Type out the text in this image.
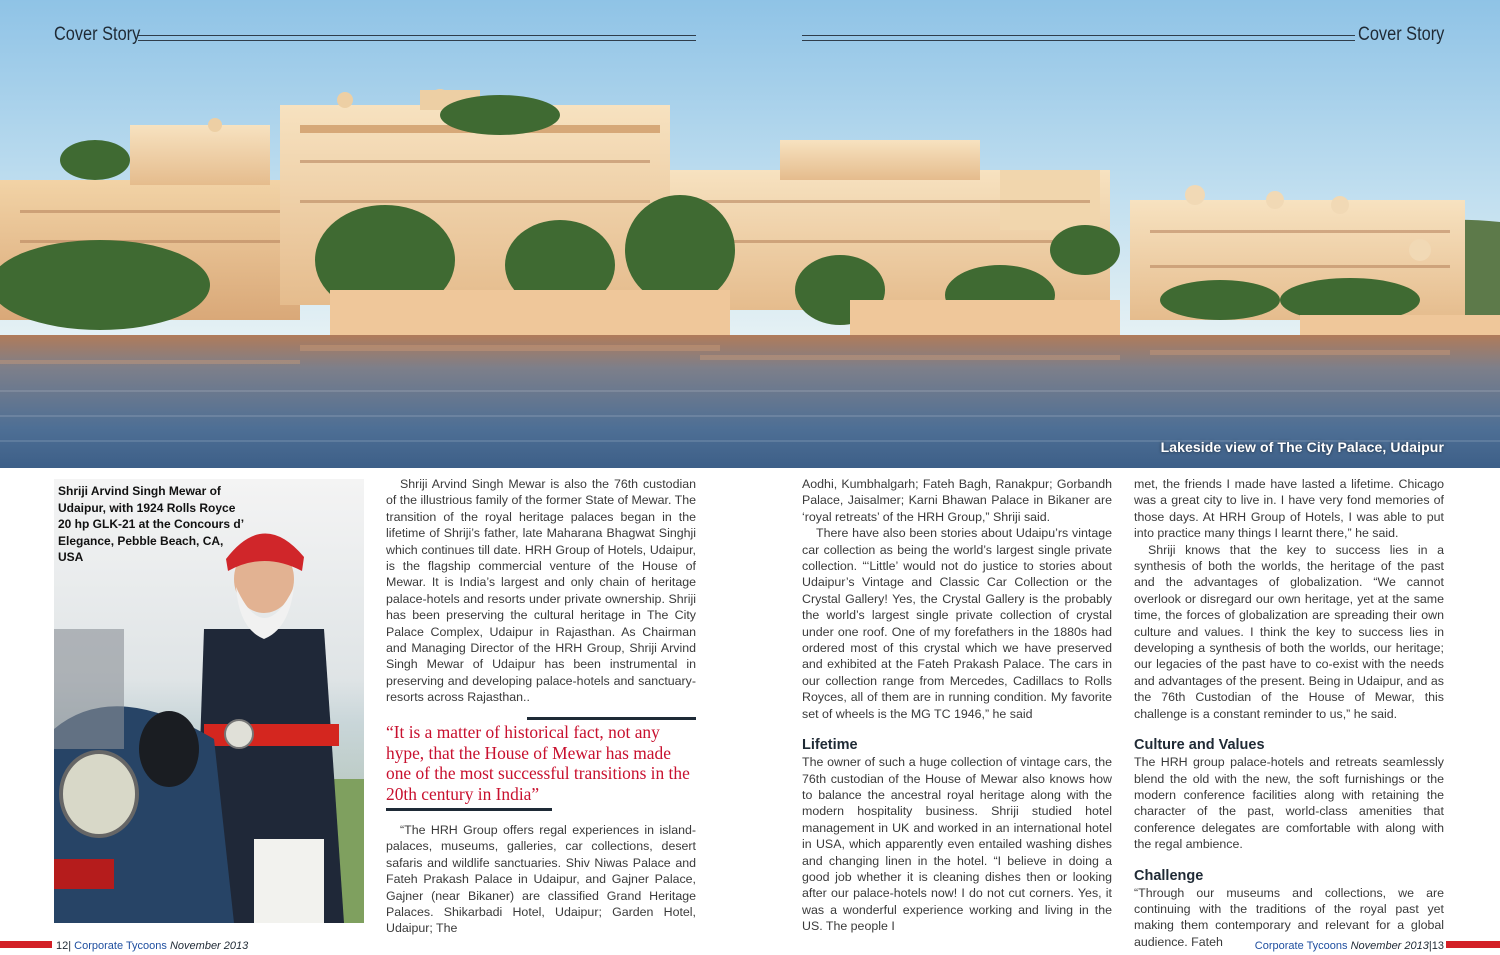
Lakeside view of The City Palace, Udaipur
Cover Story	Cover Story
Shriji Arvind Singh Mewar of Udaipur, with 1924 Rolls Royce 20 hp GLK-21 at the Concours d’ Elegance, Pebble Beach, CA, USA

Shriji Arvind Singh Mewar is also the 76th custodian of the illustrious family of the former State of Mewar. The transition of the royal heritage palaces began in the lifetime of Shriji’s father, late Maharana Bhagwat Singhji which continues till date. HRH Group of Hotels, Udaipur, is the flagship commercial venture of the House of Mewar. It is India’s largest and only chain of heritage palace-hotels and resorts under private ownership. Shriji has been preserving the cultural heritage in The City Palace Complex, Udaipur in Rajasthan. As Chairman and Managing Director of the HRH Group, Shriji Arvind Singh Mewar of Udaipur has been instrumental in preserving and developing palace-hotels and sanctuary-resorts across Rajasthan..

“It is a matter of historical fact, not any hype, that the House of Mewar has made one of the most successful transitions in the 20th century in India”

“The HRH Group offers regal experiences in island-palaces, museums, galleries, car collections, desert safaris and wildlife sanctuaries. Shiv Niwas Palace and Fateh Prakash Palace in Udaipur, and Gajner Palace, Gajner (near Bikaner) are classified Grand Heritage Palaces. Shikarbadi Hotel, Udaipur; Garden Hotel, Udaipur; The

Aodhi, Kumbhalgarh; Fateh Bagh, Ranakpur; Gorbandh Palace, Jaisalmer; Karni Bhawan Palace in Bikaner are ‘royal retreats’ of the HRH Group,” Shriji said.

There have also been stories about Udaipu’rs vintage car collection as being the world’s largest single private collection. “‘Little’ would not do justice to stories about Udaipur’s Vintage and Classic Car Collection or the Crystal Gallery! Yes, the Crystal Gallery is the probably the world’s largest single private collection of crystal under one roof. One of my forefathers in the 1880s had ordered most of this crystal which we have preserved and exhibited at the Fateh Prakash Palace. The cars in our collection range from Mercedes, Cadillacs to Rolls Royces, all of them are in running condition. My favorite set of wheels is the MG TC 1946,” he said

Lifetime

The owner of such a huge collection of vintage cars, the 76th custodian of the House of Mewar also knows how to balance the ancestral royal heritage along with the modern hospitality business. Shriji studied hotel management in UK and worked in an international hotel in USA, which apparently even entailed washing dishes and changing linen in the hotel. “I believe in doing a good job whether it is cleaning dishes then or looking after our palace-hotels now! I do not cut corners. Yes, it was a wonderful experience working and living in the US. The people I

met, the friends I made have lasted a lifetime. Chicago was a great city to live in. I have very fond memories of those days. At HRH Group of Hotels, I was able to put into practice many things I learnt there,” he said.

Shriji knows that the key to success lies in a synthesis of both the worlds, the heritage of the past and the advantages of globalization. “We cannot overlook or disregard our own heritage, yet at the same time, the forces of globalization are spreading their own culture and values. I think the key to success lies in developing a synthesis of both the worlds, our heritage; our legacies of the past have to co-exist with the needs and advantages of the present. Being in Udaipur, and as the 76th Custodian of the House of Mewar, this challenge is a constant reminder to us,” he said.

Culture and Values

The HRH group palace-hotels and retreats seamlessly blend the old with the new, the soft furnishings or the modern conference facilities along with retaining the character of the past, world-class amenities that conference delegates are comfortable with along with the regal ambience.

Challenge

“Through our museums and collections, we are continuing with the traditions of the royal past yet making them contemporary and relevant for a global audience. Fateh

12| Corporate Tycoons November 2013	Corporate Tycoons November 2013|13
